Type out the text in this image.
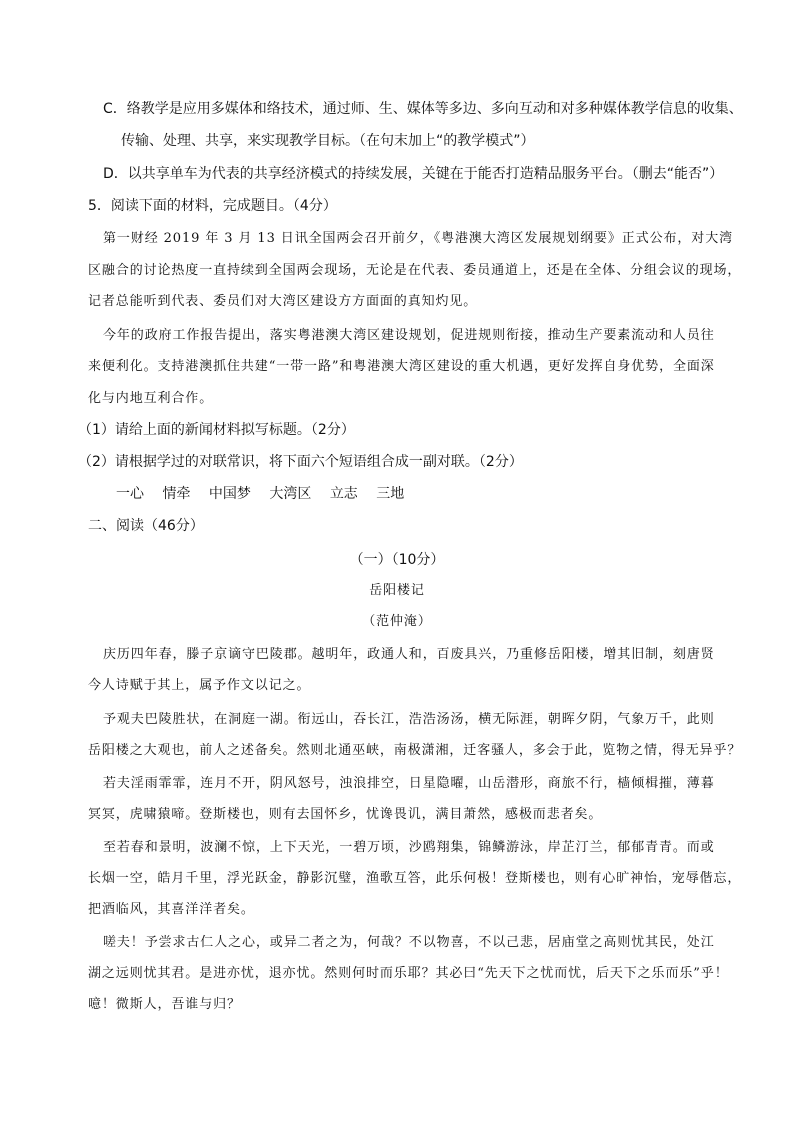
C．络教学是应用多媒体和络技术，通过师、生、媒体等多边、多向互动和对多种媒体教学信息的收集、
传输、处理、共享，来实现教学目标。（在句末加上“的教学模式”）
D．以共享单车为代表的共享经济模式的持续发展，关键在于能否打造精品服务平台。（删去“能否”）
5．阅读下面的材料，完成题目。（4分）
第一财经 2019 年 3 月 13 日讯全国两会召开前夕，《粤港澳大湾区发展规划纲要》正式公布，对大湾
区融合的讨论热度一直持续到全国两会现场，无论是在代表、委员通道上，还是在全体、分组会议的现场，
记者总能听到代表、委员们对大湾区建设方方面面的真知灼见。
今年的政府工作报告提出，落实粤港澳大湾区建设规划，促进规则衔接，推动生产要素流动和人员往
来便利化。支持港澳抓住共建“一带一路”和粤港澳大湾区建设的重大机遇，更好发挥自身优势，全面深
化与内地互利合作。
（1）请给上面的新闻材料拟写标题。（2分）
（2）请根据学过的对联常识，将下面六个短语组合成一副对联。（2分）
一心 情牵 中国梦 大湾区 立志 三地
二、阅读（46分）
（一）（10分）
岳阳楼记
（范仲淹）
庆历四年春，滕子京谪守巴陵郡。越明年，政通人和，百废具兴，乃重修岳阳楼，增其旧制，刻唐贤
今人诗赋于其上，属予作文以记之。
予观夫巴陵胜状，在洞庭一湖。衔远山，吞长江，浩浩汤汤，横无际涯，朝晖夕阴，气象万千，此则
岳阳楼之大观也，前人之述备矣。然则北通巫峡，南极潇湘，迁客骚人，多会于此，览物之情，得无异乎？
若夫淫雨霏霏，连月不开，阴风怒号，浊浪排空，日星隐曜，山岳潜形，商旅不行，樯倾楫摧，薄暮
冥冥，虎啸猿啼。登斯楼也，则有去国怀乡，忧谗畏讥，满目萧然，感极而悲者矣。
至若春和景明，波澜不惊，上下天光，一碧万顷，沙鸥翔集，锦鳞游泳，岸芷汀兰，郁郁青青。而或
长烟一空，皓月千里，浮光跃金，静影沉璧，渔歌互答，此乐何极！登斯楼也，则有心旷神怡，宠辱偕忘，
把酒临风，其喜洋洋者矣。
嗟夫！予尝求古仁人之心，或异二者之为，何哉？不以物喜，不以己悲，居庙堂之高则忧其民，处江
湖之远则忧其君。是进亦忧，退亦忧。然则何时而乐耶？其必曰“先天下之忧而忧，后天下之乐而乐”乎！
噫！微斯人，吾谁与归？
